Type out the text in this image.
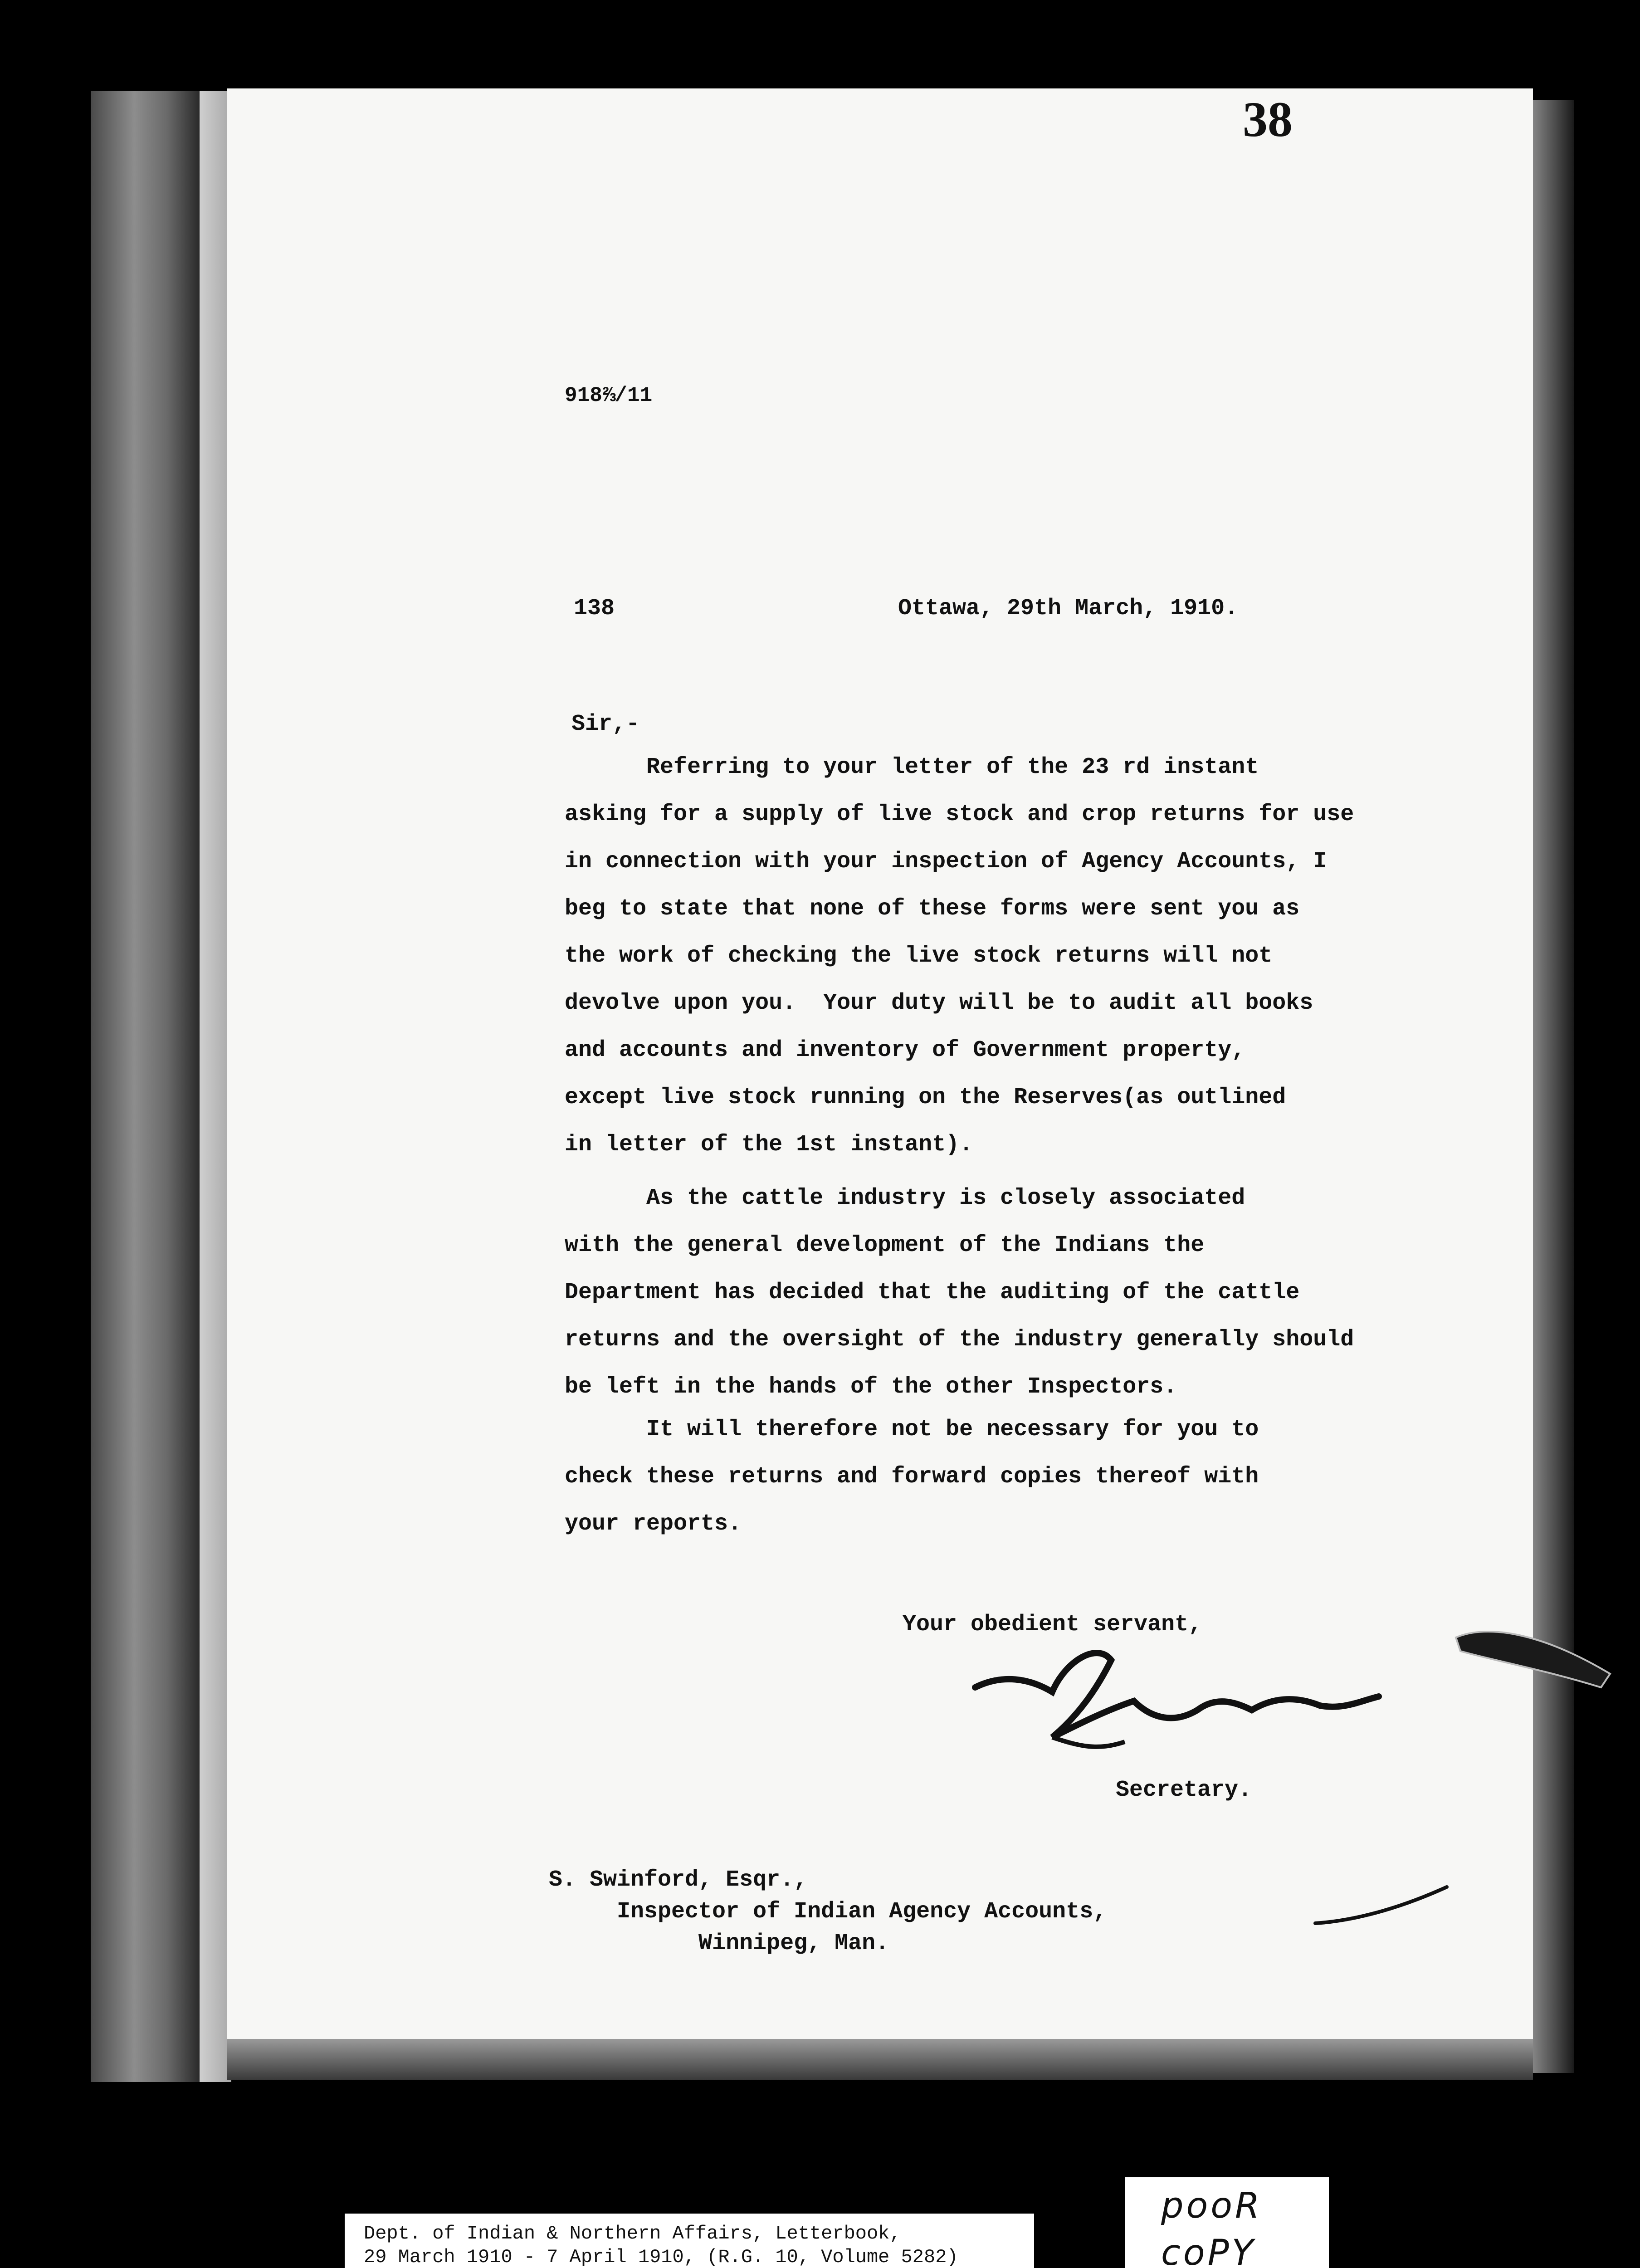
38
918⅔/11
138	Ottawa, 29th March, 1910.
Sir,-
Referring to your letter of the 23 rd instant
asking for a supply of live stock and crop returns for use
in connection with your inspection of Agency Accounts, I
beg to state that none of these forms were sent you as
the work of checking the live stock returns will not
devolve upon you.  Your duty will be to audit all books
and accounts and inventory of Government property,
except live stock running on the Reserves(as outlined
in letter of the 1st instant).
As the cattle industry is closely associated
with the general development of the Indians the
Department has decided that the auditing of the cattle
returns and the oversight of the industry generally should
be left in the hands of the other Inspectors.
It will therefore not be necessary for you to
check these returns and forward copies thereof with
your reports.
Your obedient servant,
Secretary.
S. Swinford, Esqr.,
Inspector of Indian Agency Accounts,
Winnipeg, Man.
Dept. of Indian & Northern Affairs, Letterbook,
29 March 1910 - 7 April 1910, (R.G. 10, Volume 5282)
pooR
coPY
